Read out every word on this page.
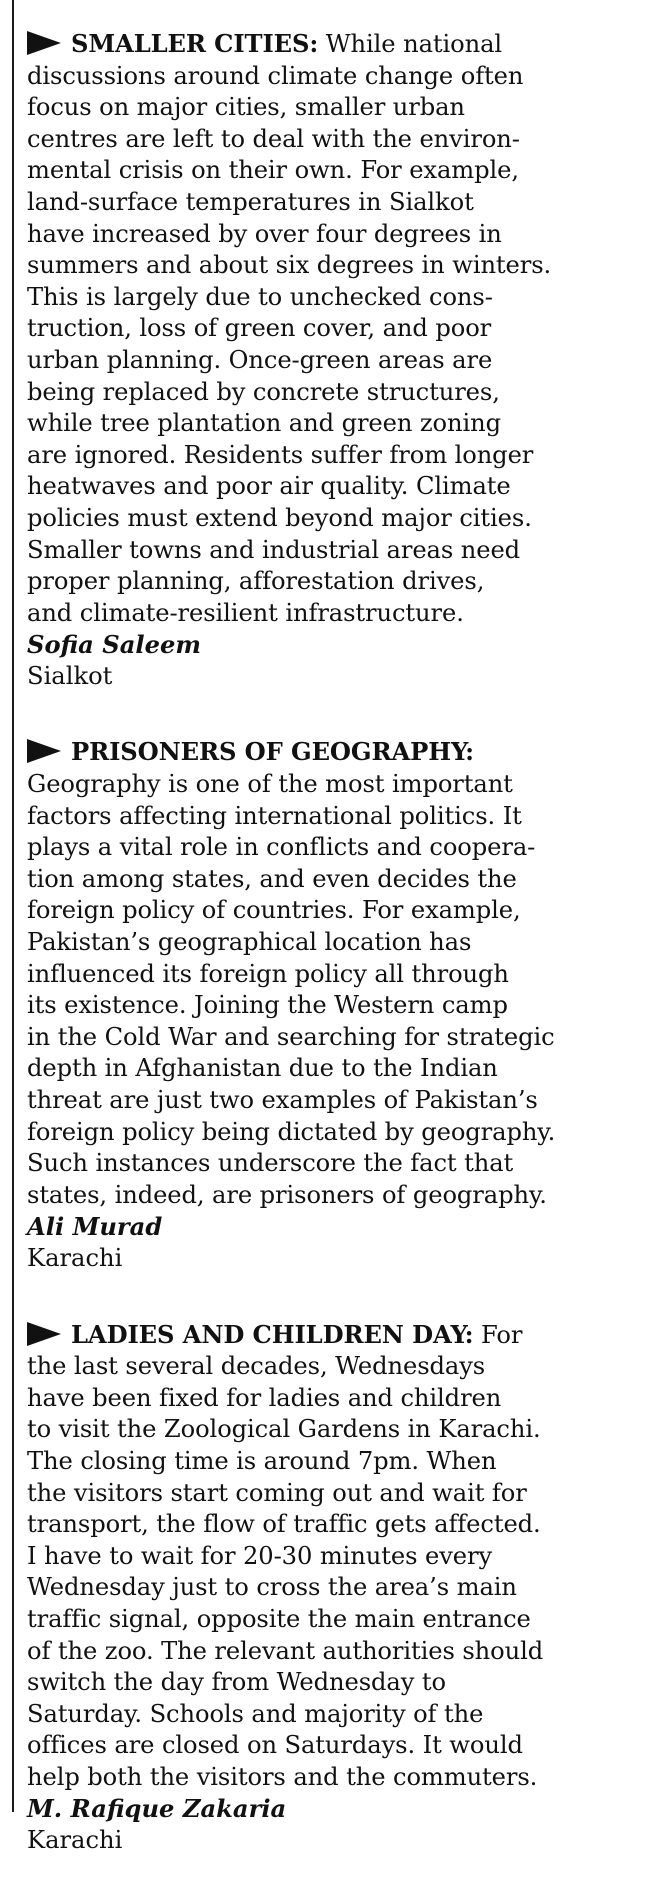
SMALLER CITIES: While national
discussions around climate change often
focus on major cities, smaller urban
centres are left to deal with the environ-
mental crisis on their own. For example,
land-surface temperatures in Sialkot
have increased by over four degrees in
summers and about six degrees in winters.
This is largely due to unchecked cons-
truction, loss of green cover, and poor
urban planning. Once-green areas are
being replaced by concrete structures,
while tree plantation and green zoning
are ignored. Residents suffer from longer
heatwaves and poor air quality. Climate
policies must extend beyond major cities.
Smaller towns and industrial areas need
proper planning, afforestation drives,
and climate-resilient infrastructure.
Sofia Saleem
Sialkot
PRISONERS OF GEOGRAPHY:
Geography is one of the most important
factors affecting international politics. It
plays a vital role in conflicts and coopera-
tion among states, and even decides the
foreign policy of countries. For example,
Pakistan’s geographical location has
influenced its foreign policy all through
its existence. Joining the Western camp
in the Cold War and searching for strategic
depth in Afghanistan due to the Indian
threat are just two examples of Pakistan’s
foreign policy being dictated by geography.
Such instances underscore the fact that
states, indeed, are prisoners of geography.
Ali Murad
Karachi
LADIES AND CHILDREN DAY: For
the last several decades, Wednesdays
have been fixed for ladies and children
to visit the Zoological Gardens in Karachi.
The closing time is around 7pm. When
the visitors start coming out and wait for
transport, the flow of traffic gets affected.
I have to wait for 20-30 minutes every
Wednesday just to cross the area’s main
traffic signal, opposite the main entrance
of the zoo. The relevant authorities should
switch the day from Wednesday to
Saturday. Schools and majority of the
offices are closed on Saturdays. It would
help both the visitors and the commuters.
M. Rafique Zakaria
Karachi
